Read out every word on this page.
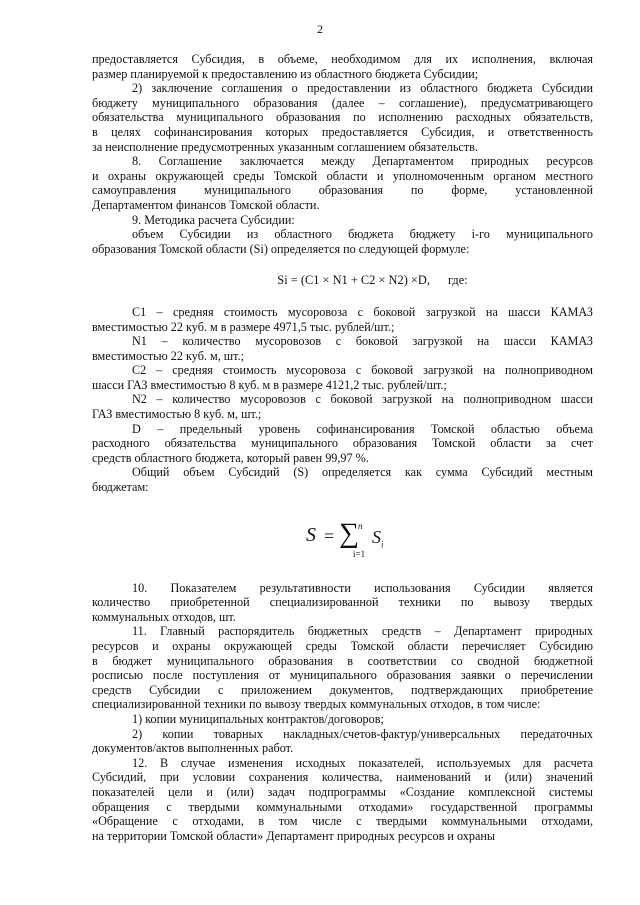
2
предоставляется Субсидия, в объеме, необходимом для их исполнения, включая
размер планируемой к предоставлению из областного бюджета Субсидии;
2) заключение соглашения о предоставлении из областного бюджета Субсидии
бюджету муниципального образования (далее – соглашение), предусматривающего
обязательства муниципального образования по исполнению расходных обязательств,
в целях софинансирования которых предоставляется Субсидия, и ответственность
за неисполнение предусмотренных указанным соглашением обязательств.
8. Соглашение заключается между Департаментом природных ресурсов
и охраны окружающей среды Томской области и уполномоченным органом местного
самоуправления муниципального образования по форме, установленной
Департаментом финансов Томской области.
9. Методика расчета Субсидии:
объем Субсидии из областного бюджета бюджету i-го муниципального
образования Томской области (Si) определяется по следующей формуле:
Si = (C1 × N1 + C2 × N2) ×D, где:
C1 – средняя стоимость мусоровоза с боковой загрузкой на шасси КАМАЗ
вместимостью 22 куб. м в размере 4971,5 тыс. рублей/шт.;
N1 – количество мусоровозов с боковой загрузкой на шасси КАМАЗ
вместимостью 22 куб. м, шт.;
C2 – средняя стоимость мусоровоза с боковой загрузкой на полноприводном
шасси ГАЗ вместимостью 8 куб. м в размере 4121,2 тыс. рублей/шт.;
N2 – количество мусоровозов с боковой загрузкой на полноприводном шасси
ГАЗ вместимостью 8 куб. м, шт.;
D – предельный уровень софинансирования Томской областью объема
расходного обязательства муниципального образования Томской области за счет
средств областного бюджета, который равен 99,97 %.
Общий объем Субсидий (S) определяется как сумма Субсидий местным
бюджетам:
S = ∑ n
i=1
$S_i$
10. Показателем результативности использования Субсидии является
количество приобретенной специализированной техники по вывозу твердых
коммунальных отходов, шт.
11. Главный распорядитель бюджетных средств – Департамент природных
ресурсов и охраны окружающей среды Томской области перечисляет Субсидию
в бюджет муниципального образования в соответствии со сводной бюджетной
росписью после поступления от муниципального образования заявки о перечислении
средств Субсидии с приложением документов, подтверждающих приобретение
специализированной техники по вывозу твердых коммунальных отходов, в том числе:
1) копии муниципальных контрактов/договоров;
2) копии товарных накладных/счетов-фактур/универсальных передаточных
документов/актов выполненных работ.
12. В случае изменения исходных показателей, используемых для расчета
Субсидий, при условии сохранения количества, наименований и (или) значений
показателей цели и (или) задач подпрограммы «Создание комплексной системы
обращения с твердыми коммунальными отходами» государственной программы
«Обращение с отходами, в том числе с твердыми коммунальными отходами,
на территории Томской области» Департамент природных ресурсов и охраны
